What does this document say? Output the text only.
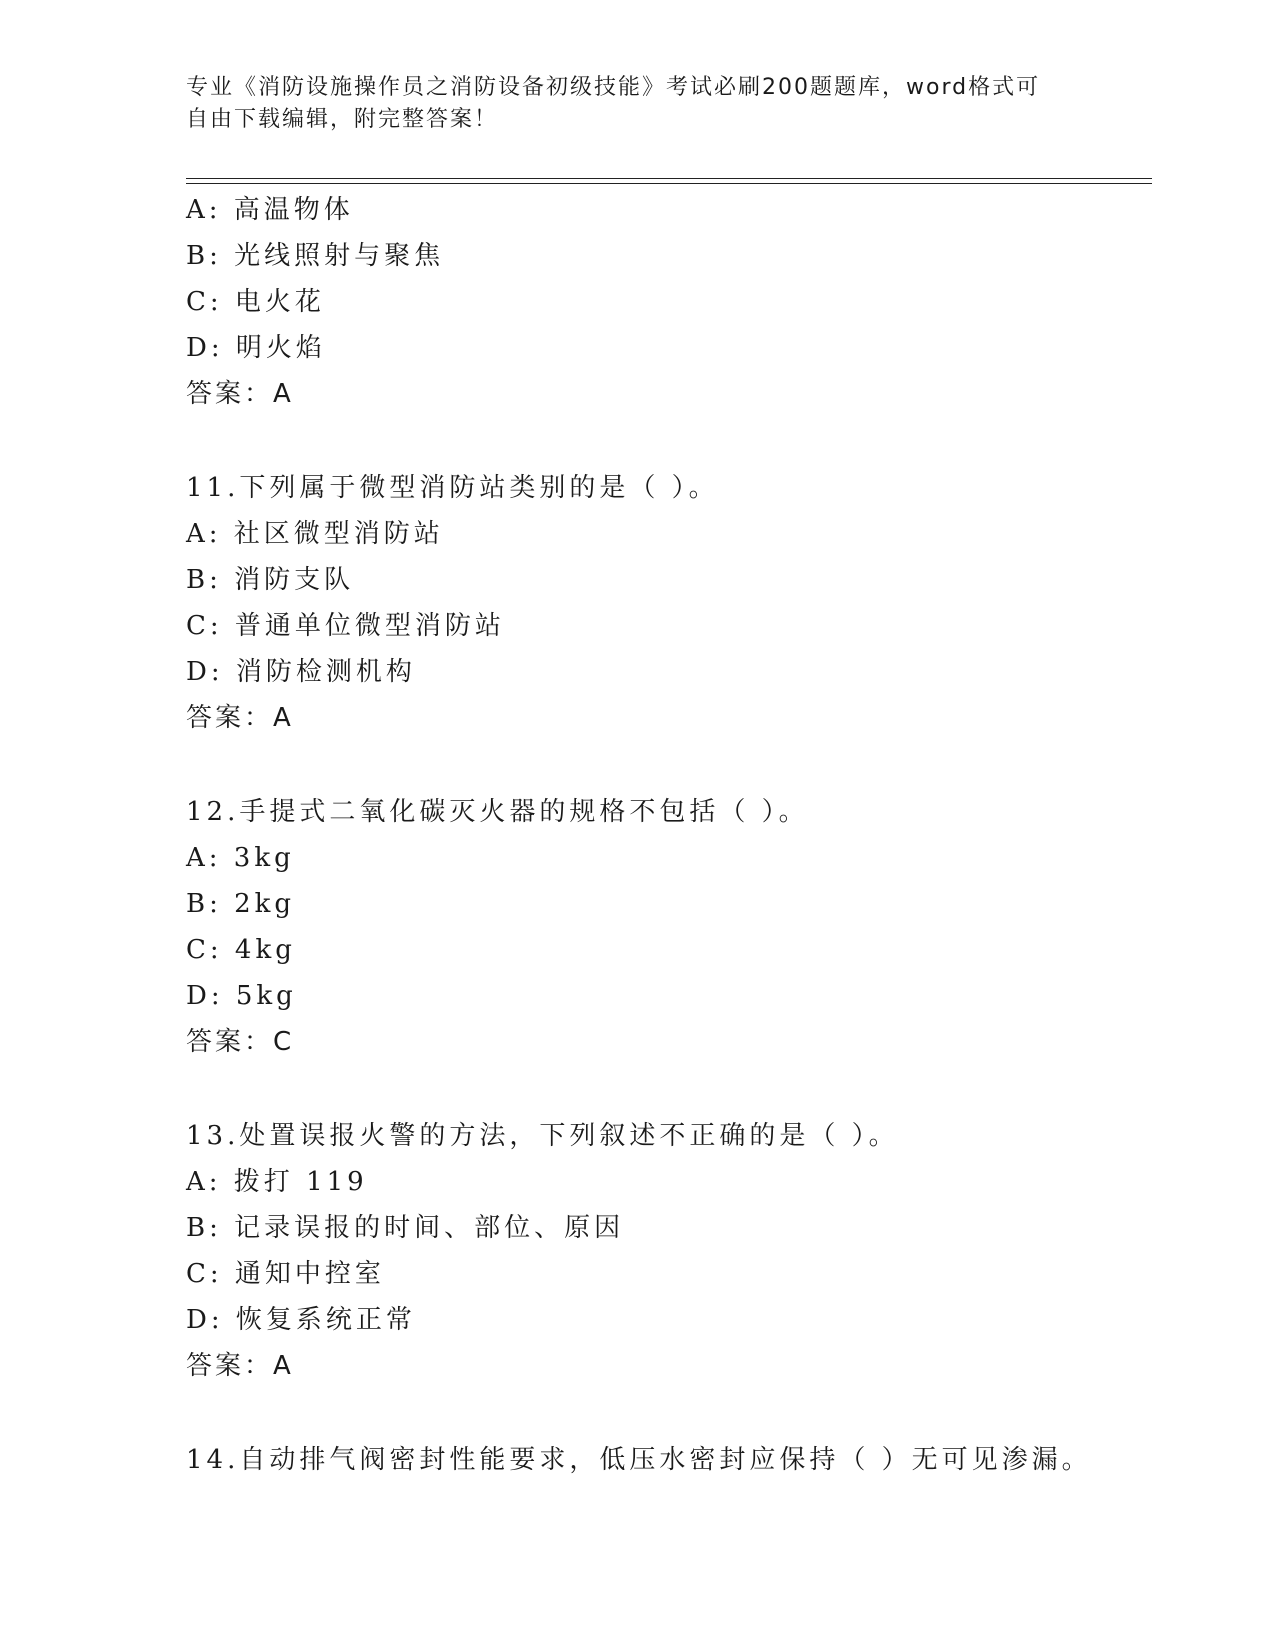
专业《消防设施操作员之消防设备初级技能》考试必刷200题题库，word格式可
自由下载编辑，附完整答案！
A: 高温物体
B: 光线照射与聚焦
C: 电火花
D: 明火焰
答案：A
11.下列属于微型消防站类别的是（ ）。
A: 社区微型消防站
B: 消防支队
C: 普通单位微型消防站
D: 消防检测机构
答案：A
12.手提式二氧化碳灭火器的规格不包括（ ）。
A: 3kg
B: 2kg
C: 4kg
D: 5kg
答案：C
13.处置误报火警的方法，下列叙述不正确的是（ ）。
A: 拨打 119
B: 记录误报的时间、部位、原因
C: 通知中控室
D: 恢复系统正常
答案：A
14.自动排气阀密封性能要求，低压水密封应保持（ ）无可见渗漏。
